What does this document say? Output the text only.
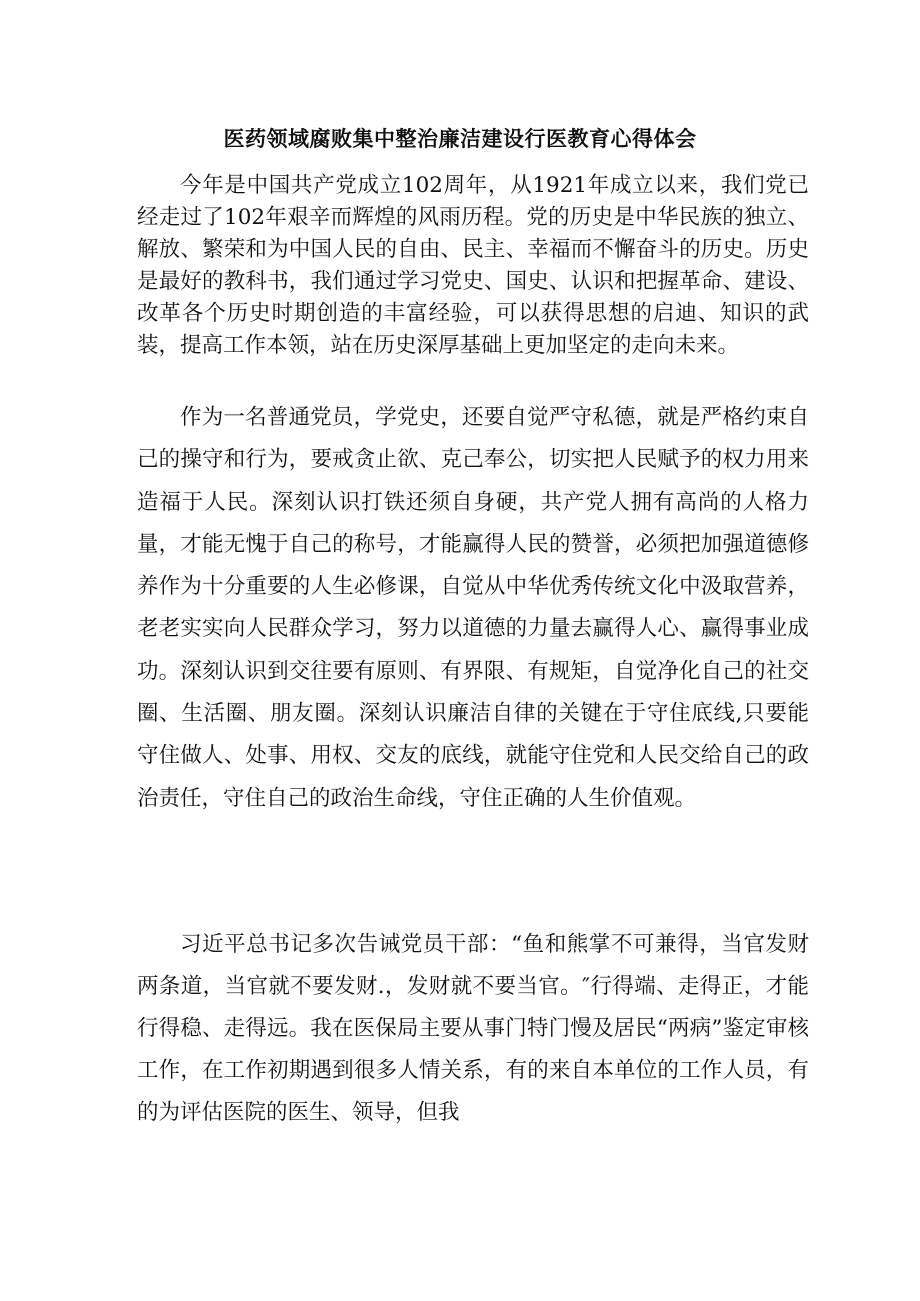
医药领域腐败集中整治廉洁建设行医教育心得体会

今年是中国共产党成立102周年，从1921年成立以来，我们党已经走过了102年艰辛而辉煌的风雨历程。党的历史是中华民族的独立、解放、繁荣和为中国人民的自由、民主、幸福而不懈奋斗的历史。历史是最好的教科书，我们通过学习党史、国史、认识和把握革命、建设、改革各个历史时期创造的丰富经验，可以获得思想的启迪、知识的武装，提高工作本领，站在历史深厚基础上更加坚定的走向未来。

作为一名普通党员，学党史，还要自觉严守私德，就是严格约束自己的操守和行为，要戒贪止欲、克己奉公，切实把人民赋予的权力用来造福于人民。深刻认识打铁还须自身硬，共产党人拥有高尚的人格力量，才能无愧于自己的称号，才能赢得人民的赞誉，必须把加强道德修养作为十分重要的人生必修课，自觉从中华优秀传统文化中汲取营养，老老实实向人民群众学习，努力以道德的力量去赢得人心、赢得事业成功。深刻认识到交往要有原则、有界限、有规矩，自觉净化自己的社交圈、生活圈、朋友圈。深刻认识廉洁自律的关键在于守住底线,只要能守住做人、处事、用权、交友的底线，就能守住党和人民交给自己的政治责任，守住自己的政治生命线，守住正确的人生价值观。

习近平总书记多次告诫党员干部：“鱼和熊掌不可兼得，当官发财两条道，当官就不要发财.，发财就不要当官。″行得端、走得正，才能行得稳、走得远。我在医保局主要从事门特门慢及居民“两病”鉴定审核工作，在工作初期遇到很多人情关系，有的来自本单位的工作人员，有的为评估医院的医生、领导，但我
